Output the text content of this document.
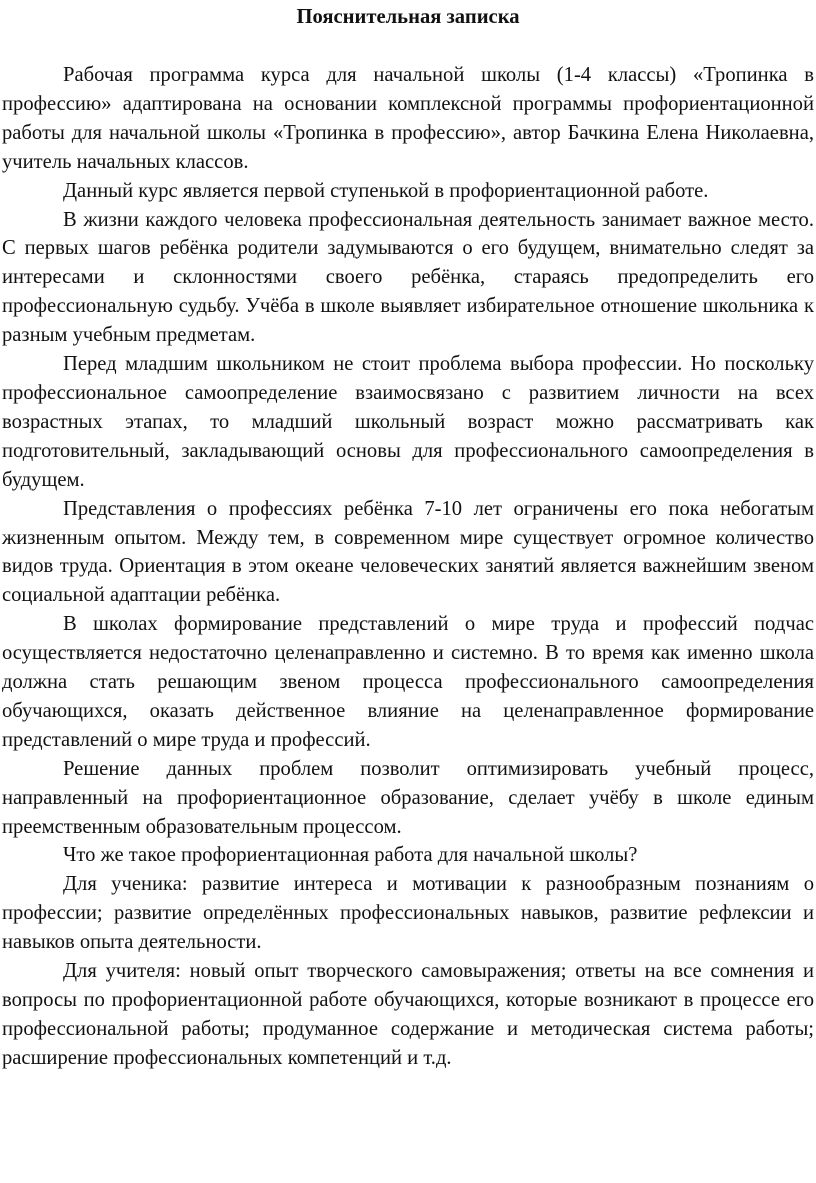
Пояснительная записка

Рабочая программа курса для начальной школы (1-4 классы) «Тропинка в профессию» адаптирована на основании комплексной программы профориентационной работы для начальной школы «Тропинка в профессию», автор Бачкина Елена Николаевна, учитель начальных классов.

Данный курс является первой ступенькой в профориентационной работе.

В жизни каждого человека профессиональная деятельность занимает важное место. С первых шагов ребёнка родители задумываются о его будущем, внимательно следят за интересами и склонностями своего ребёнка, стараясь предопределить его профессиональную судьбу. Учёба в школе выявляет избирательное отношение школьника к разным учебным предметам.

Перед младшим школьником не стоит проблема выбора профессии. Но поскольку профессиональное самоопределение взаимосвязано с развитием личности на всех возрастных этапах, то младший школьный возраст можно рассматривать как подготовительный, закладывающий основы для профессионального самоопределения в будущем.

Представления о профессиях ребёнка 7-10 лет ограничены его пока небогатым жизненным опытом. Между тем, в современном мире существует огромное количество видов труда. Ориентация в этом океане человеческих занятий является важнейшим звеном социальной адаптации ребёнка.

В школах формирование представлений о мире труда и профессий подчас осуществляется недостаточно целенаправленно и системно. В то время как именно школа должна стать решающим звеном процесса профессионального самоопределения обучающихся, оказать действенное влияние на целенаправленное формирование представлений о мире труда и профессий.

Решение данных проблем позволит оптимизировать учебный процесс, направленный на профориентационное образование, сделает учёбу в школе единым преемственным образовательным процессом.

Что же такое профориентационная работа для начальной школы?

Для ученика: развитие интереса и мотивации к разнообразным познаниям о профессии; развитие определённых профессиональных навыков, развитие рефлексии и навыков опыта деятельности.

Для учителя: новый опыт творческого самовыражения; ответы на все сомнения и вопросы по профориентационной работе обучающихся, которые возникают в процессе его профессиональной работы; продуманное содержание и методическая система работы; расширение профессиональных компетенций и т.д.
